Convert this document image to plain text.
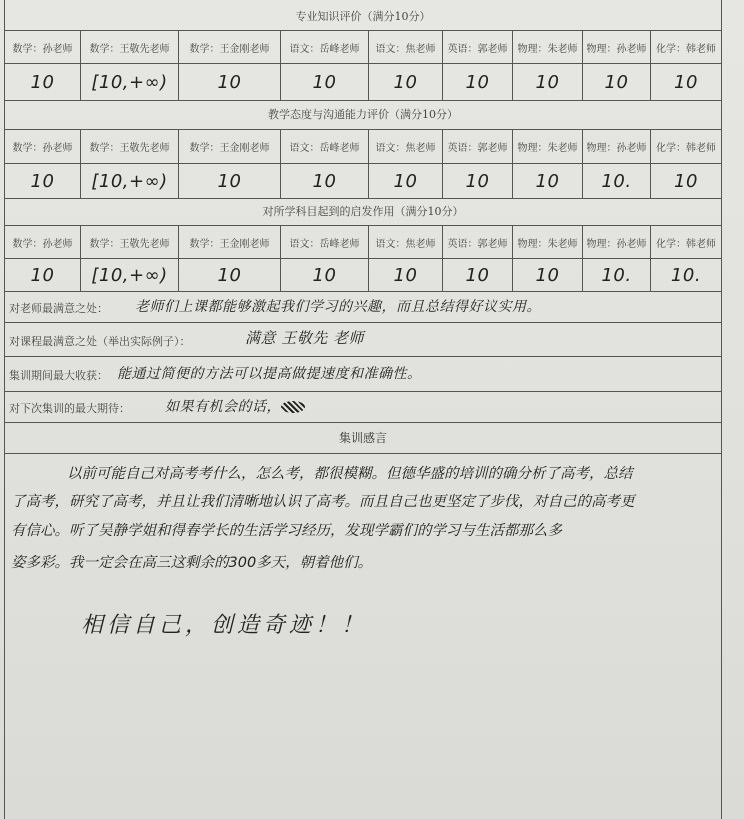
专业知识评价（满分10分）
数学：孙老师	数学：王敬先老师	数学：王金刚老师	语文：岳峰老师	语文：焦老师	英语：郭老师	物理：朱老师 物理：孙老师 化学：韩老师
10	[10,+∞)	10	10	10	10	10	10	10
教学态度与沟通能力评价（满分10分）
数学：孙老师	数学：王敬先老师	数学：王金刚老师	语文：岳峰老师	语文：焦老师	英语：郭老师	物理：朱老师 物理：孙老师 化学：韩老师
10	[10,+∞)	10	10	10	10	10	10.	10
对所学科目起到的启发作用（满分10分）
数学：孙老师	数学：王敬先老师	数学：王金刚老师	语文：岳峰老师	语文：焦老师	英语：郭老师	物理：朱老师 物理：孙老师 化学：韩老师
10	[10,+∞)	10	10	10	10	10	10.	10.
对老师最满意之处： 老师们上课都能够激起我们学习的兴趣，而且总结得好议实用。
对课程最满意之处（举出实际例子）：	满意 王敬先 老师
集训期间最大收获： 能通过简便的方法可以提高做提速度和准确性。
对下次集训的最大期待：	如果有机会的话，
集训感言
以前可能自己对高考考什么，怎么考，都很模糊。但德华盛的培训的确分析了高考，总结
了高考，研究了高考，并且让我们清晰地认识了高考。而且自己也更坚定了步伐，对自己的高考更
有信心。听了吴静学姐和得春学长的生活学习经历，发现学霸们的学习与生活都那么多
姿多彩。我一定会在高三这剩余的300多天，朝着他们。
相信自己，创造奇迹！！
